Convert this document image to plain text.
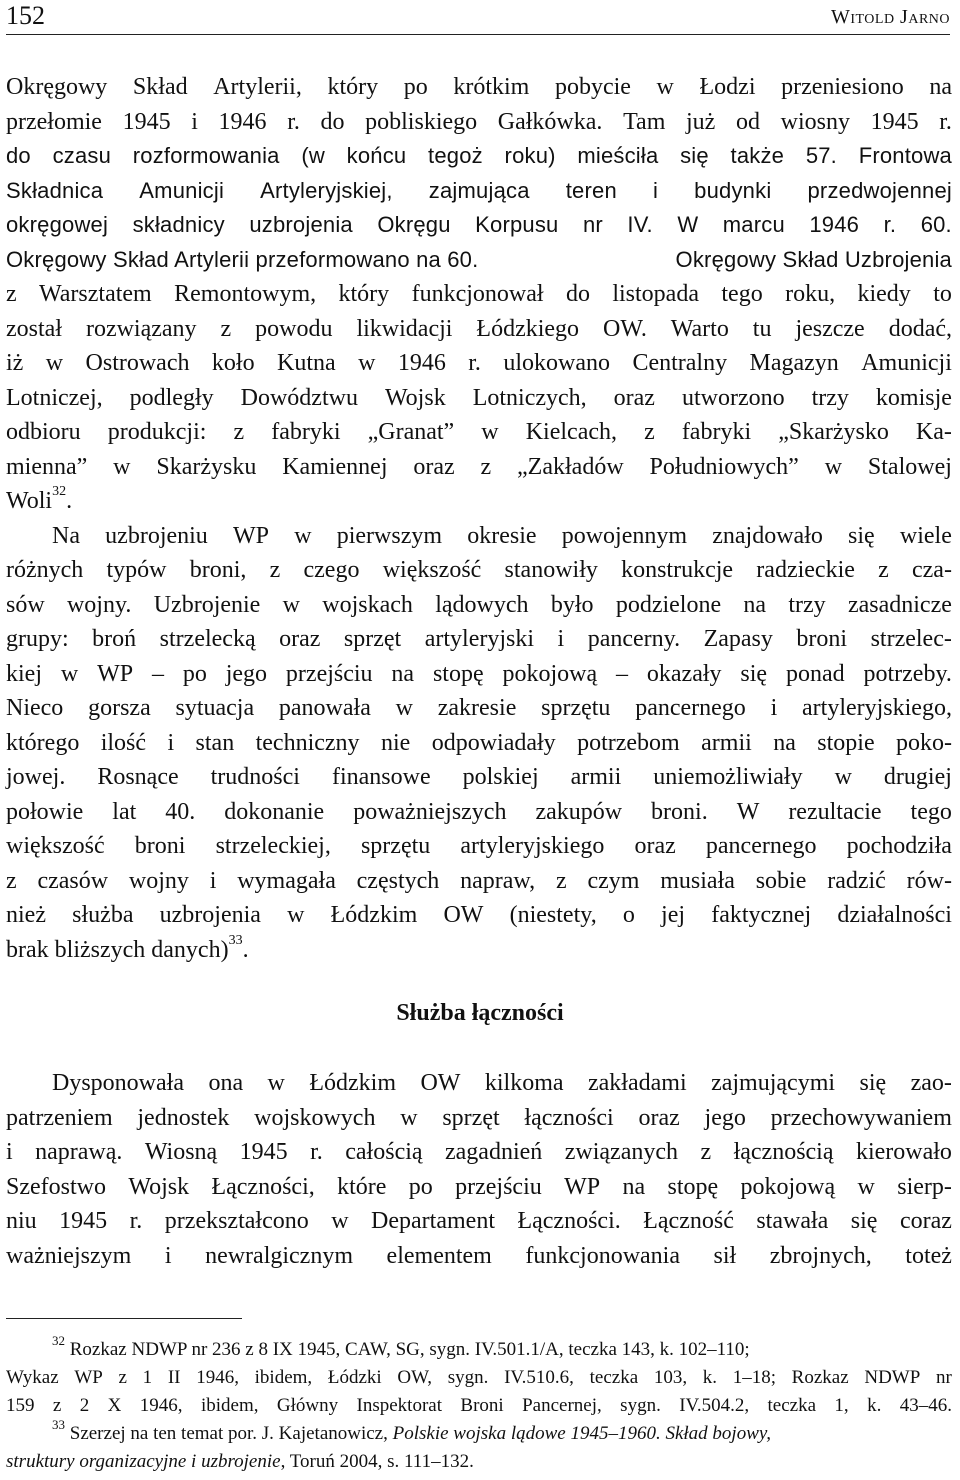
152	Witold Jarno
Okręgowy Skład Artylerii, który po krótkim pobycie w Łodzi przeniesiono na
przełomie 1945 i 1946 r. do pobliskiego Gałkówka. Tam już od wiosny 1945 r.
do czasu rozformowania (w końcu tegoż roku) mieściła się także 57. Frontowa
Składnica Amunicji Artyleryjskiej, zajmująca teren i budynki przedwojennej
okręgowej składnicy uzbrojenia Okręgu Korpusu nr IV. W marcu 1946 r. 60.
Okręgowy Skład Artylerii przeformowano na 60.	Okręgowy Skład Uzbrojenia
z Warsztatem Remontowym, który funkcjonował do listopada tego roku, kiedy to
został rozwiązany z powodu likwidacji Łódzkiego OW. Warto tu jeszcze dodać,
iż w Ostrowach koło Kutna w 1946 r. ulokowano Centralny Magazyn Amunicji
Lotniczej, podległy Dowództwu Wojsk Lotniczych, oraz utworzono trzy komisje
odbioru produkcji: z fabryki „Granat” w Kielcach, z fabryki „Skarżysko Ka-
mienna” w Skarżysku Kamiennej oraz z „Zakładów Południowych” w Stalowej
Woli$^{32}$.
Na uzbrojeniu WP w pierwszym okresie powojennym znajdowało się wiele
różnych typów broni, z czego większość stanowiły konstrukcje radzieckie z cza-
sów wojny. Uzbrojenie w wojskach lądowych było podzielone na trzy zasadnicze
grupy: broń strzelecką oraz sprzęt artyleryjski i pancerny. Zapasy broni strzelec-
kiej w WP – po jego przejściu na stopę pokojową – okazały się ponad potrzeby.
Nieco gorsza sytuacja panowała w zakresie sprzętu pancernego i artyleryjskiego,
którego ilość i stan techniczny nie odpowiadały potrzebom armii na stopie poko-
jowej. Rosnące trudności finansowe polskiej armii uniemożliwiały w drugiej
połowie lat 40. dokonanie poważniejszych zakupów broni. W rezultacie tego
większość broni strzeleckiej, sprzętu artyleryjskiego oraz pancernego pochodziła
z czasów wojny i wymagała częstych napraw, z czym musiała sobie radzić rów-
nież służba uzbrojenia w Łódzkim OW (niestety, o jej faktycznej działalności
brak bliższych danych)$^{33}$.
Służba łączności
Dysponowała ona w Łódzkim OW kilkoma zakładami zajmującymi się zao-
patrzeniem jednostek wojskowych w sprzęt łączności oraz jego przechowywaniem
i naprawą. Wiosną 1945 r. całością zagadnień związanych z łącznością kierowało
Szefostwo Wojsk Łączności, które po przejściu WP na stopę pokojową w sierp-
niu 1945 r. przekształcono w Departament Łączności. Łączność stawała się coraz
ważniejszym i newralgicznym elementem funkcjonowania sił zbrojnych, toteż
$^{32}$ Rozkaz NDWP nr 236 z 8 IX 1945, CAW, SG, sygn. IV.501.1/A, teczka 143, k. 102–110;
Wykaz WP z 1 II 1946, ibidem, Łódzki OW, sygn. IV.510.6, teczka 103, k. 1–18; Rozkaz NDWP nr
159 z 2 X 1946, ibidem, Główny Inspektorat Broni Pancernej, sygn. IV.504.2, teczka 1, k. 43–46.
$^{33}$ Szerzej na ten temat por. J. Kajetanowicz, Polskie wojska lądowe 1945–1960. Skład bojowy,
struktury organizacyjne i uzbrojenie, Toruń 2004, s. 111–132.
